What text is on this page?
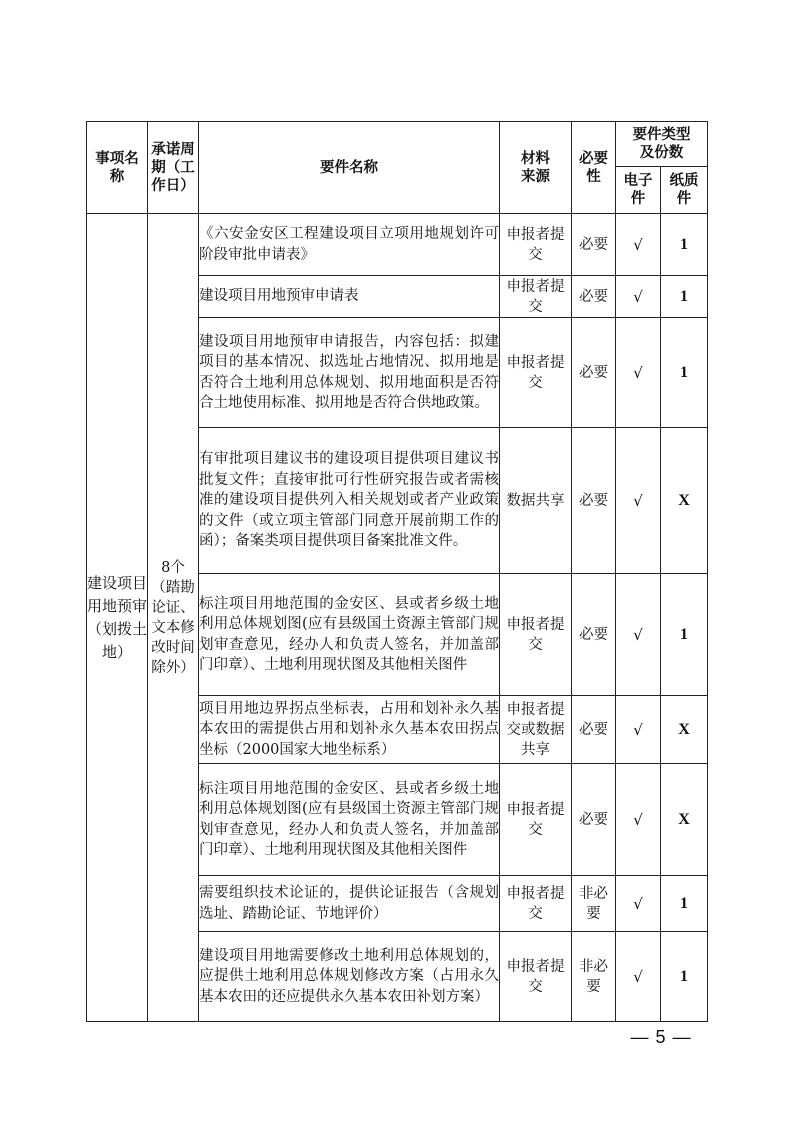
事项名称	承诺周期（工作日）	要件名称	材料来源	必要性	要件类型及份数	
					电子件	纸质件
建设项目用地预审（划拨土地）	8个（踏勘论证、文本修改时间除外）	《六安金安区工程建设项目立项用地规划许可阶段审批申请表》	申报者提交	必要	√	1
		建设项目用地预审申请表	申报者提交	必要	√	1
		建设项目用地预审申请报告，内容包括：拟建项目的基本情况、拟选址占地情况、拟用地是否符合土地利用总体规划、拟用地面积是否符合土地使用标准、拟用地是否符合供地政策。	申报者提交	必要	√	1
		有审批项目建议书的建设项目提供项目建议书批复文件；直接审批可行性研究报告或者需核准的建设项目提供列入相关规划或者产业政策的文件（或立项主管部门同意开展前期工作的函）；备案类项目提供项目备案批准文件。	数据共享	必要	√	X
		标注项目用地范围的金安区、县或者乡级土地利用总体规划图(应有县级国土资源主管部门规划审查意见，经办人和负责人签名，并加盖部门印章）、土地利用现状图及其他相关图件	申报者提交	必要	√	1
		项目用地边界拐点坐标表，占用和划补永久基本农田的需提供占用和划补永久基本农田拐点坐标（2000国家大地坐标系）	申报者提交或数据共享	必要	√	X
		标注项目用地范围的金安区、县或者乡级土地利用总体规划图(应有县级国土资源主管部门规划审查意见，经办人和负责人签名，并加盖部门印章）、土地利用现状图及其他相关图件	申报者提交	必要	√	X
		需要组织技术论证的，提供论证报告（含规划选址、踏勘论证、节地评价）	申报者提交	非必要	√	1
		建设项目用地需要修改土地利用总体规划的，应提供土地利用总体规划修改方案（占用永久基本农田的还应提供永久基本农田补划方案）	申报者提交	非必要	√	1
— 5 —
